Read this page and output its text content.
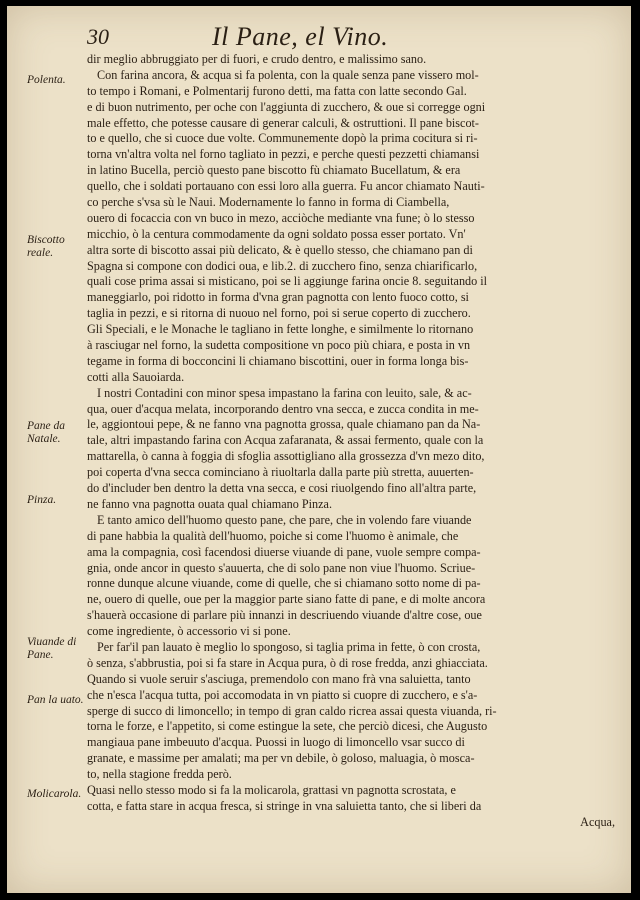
30	Il Pane, el Vino.
Polenta.
Biscotto reale.
Pane da Natale.
Pinza.
Viuande di Pane.
Pan la uato.
Molicarola.
dir meglio abbruggiato per di fuori, e crudo dentro, e malissimo sano.
Con farina ancora, & acqua si fa polenta, con la quale senza pane vissero mol-
to tempo i Romani, e Polmentarij furono detti, ma fatta con latte secondo Gal.
e di buon nutrimento, per oche con l'aggiunta di zucchero, & oue si corregge ogni
male effetto, che potesse causare di generar calculi, & ostruttioni. Il pane biscot-
to e quello, che si cuoce due volte. Communemente dopò la prima cocitura si ri-
torna vn'altra volta nel forno tagliato in pezzi, e perche questi pezzetti chiamansi
in latino Bucella, perciò questo pane biscotto fù chiamato Bucellatum, & era
quello, che i soldati portauano con essi loro alla guerra. Fu ancor chiamato Nauti-
co perche s'vsa sù le Naui. Modernamente lo fanno in forma di Ciambella,
ouero di focaccia con vn buco in mezo, acciòche mediante vna fune; ò lo stesso
micchio, ò la centura commodamente da ogni soldato possa esser portato. Vn'
altra sorte di biscotto assai più delicato, & è quello stesso, che chiamano pan di
Spagna si compone con dodici oua, e lib.2. di zucchero fino, senza chiarificarlo,
quali cose prima assai si misticano, poi se li aggiunge farina oncie 8. seguitando il
maneggiarlo, poi ridotto in forma d'vna gran pagnotta con lento fuoco cotto, si
taglia in pezzi, e si ritorna di nuouo nel forno, poi si serue coperto di zucchero.
Gli Speciali, e le Monache le tagliano in fette longhe, e similmente lo ritornano
à rasciugar nel forno, la sudetta compositione vn poco più chiara, e posta in vn
tegame in forma di bocconcini li chiamano biscottini, ouer in forma longa bis-
cotti alla Sauoiarda.
I nostri Contadini con minor spesa impastano la farina con leuito, sale, & ac-
qua, ouer d'acqua melata, incorporando dentro vna secca, e zucca condita in me-
le, aggiontoui pepe, & ne fanno vna pagnotta grossa, quale chiamano pan da Na-
tale, altri impastando farina con Acqua zafaranata, & assai fermento, quale con la
mattarella, ò canna à foggia di sfoglia assottigliano alla grossezza d'vn mezo dito,
poi coperta d'vna secca cominciano à riuoltarla dalla parte più stretta, auuerten-
do d'includer ben dentro la detta vna secca, e cosi riuolgendo fino all'altra parte,
ne fanno vna pagnotta ouata qual chiamano Pinza.
E tanto amico dell'huomo questo pane, che pare, che in volendo fare viuande
di pane habbia la qualità dell'huomo, poiche si come l'huomo è animale, che
ama la compagnia, così facendosi diuerse viuande di pane, vuole sempre compa-
gnia, onde ancor in questo s'auuerta, che di solo pane non viue l'huomo. Scriue-
ronne dunque alcune viuande, come di quelle, che si chiamano sotto nome di pa-
ne, ouero di quelle, oue per la maggior parte siano fatte di pane, e di molte ancora
s'hauerà occasione di parlare più innanzi in descriuendo viuande d'altre cose, oue
come ingrediente, ò accessorio vi si pone.
Per far'il pan lauato è meglio lo spongoso, si taglia prima in fette, ò con crosta,
ò senza, s'abbrustia, poi si fa stare in Acqua pura, ò di rose fredda, anzi ghiacciata.
Quando si vuole seruir s'asciuga, premendolo con mano frà vna saluietta, tanto
che n'esca l'acqua tutta, poi accomodata in vn piatto si cuopre di zucchero, e s'a-
sperge di succo di limoncello; in tempo di gran caldo ricrea assai questa viuanda, ri-
torna le forze, e l'appetito, si come estingue la sete, che perciò dicesi, che Augusto
mangiaua pane imbeuuto d'acqua. Puossi in luogo di limoncello vsar succo di
granate, e massime per amalati; ma per vn debile, ò goloso, maluagia, ò mosca-
to, nella stagione fredda però.
Quasi nello stesso modo si fa la molicarola, grattasi vn pagnotta scrostata, e
cotta, e fatta stare in acqua fresca, si stringe in vna saluietta tanto, che si liberi da
Acqua,
